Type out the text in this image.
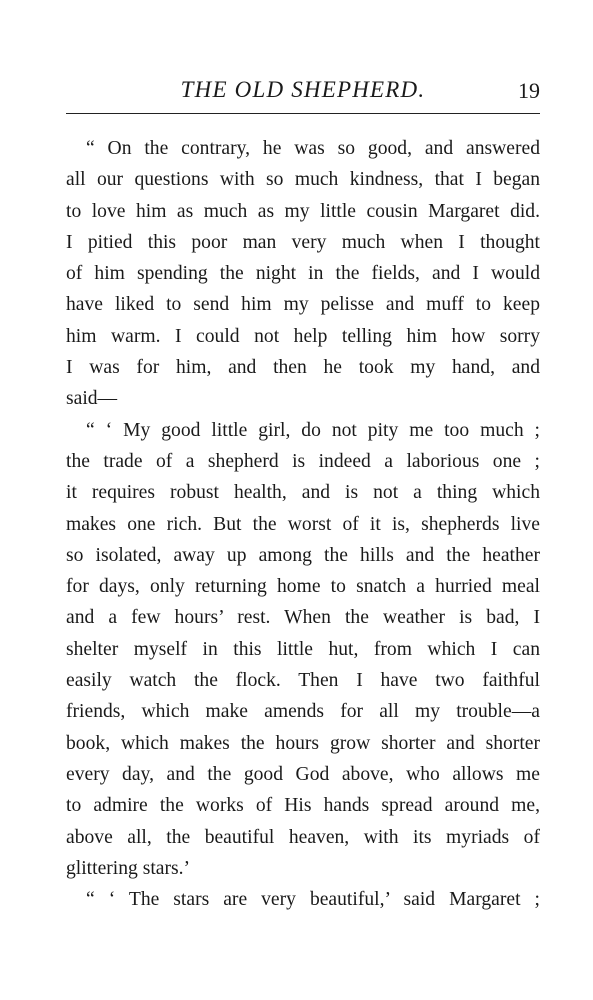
THE OLD SHEPHERD.	19
“ On the contrary, he was so good, and answered
all our questions with so much kindness, that I began
to love him as much as my little cousin Margaret did.
I pitied this poor man very much when I thought
of him spending the night in the fields, and I would
have liked to send him my pelisse and muff to keep
him warm. I could not help telling him how sorry
I was for him, and then he took my hand, and
said—
“ ‘ My good little girl, do not pity me too much ;
the trade of a shepherd is indeed a laborious one ;
it requires robust health, and is not a thing which
makes one rich. But the worst of it is, shepherds live
so isolated, away up among the hills and the heather
for days, only returning home to snatch a hurried meal
and a few hours’ rest. When the weather is bad, I
shelter myself in this little hut, from which I can
easily watch the flock. Then I have two faithful
friends, which make amends for all my trouble—a
book, which makes the hours grow shorter and shorter
every day, and the good God above, who allows me
to admire the works of His hands spread around me,
above all, the beautiful heaven, with its myriads of
glittering stars.’
“ ‘ The stars are very beautiful,’ said Margaret ;
